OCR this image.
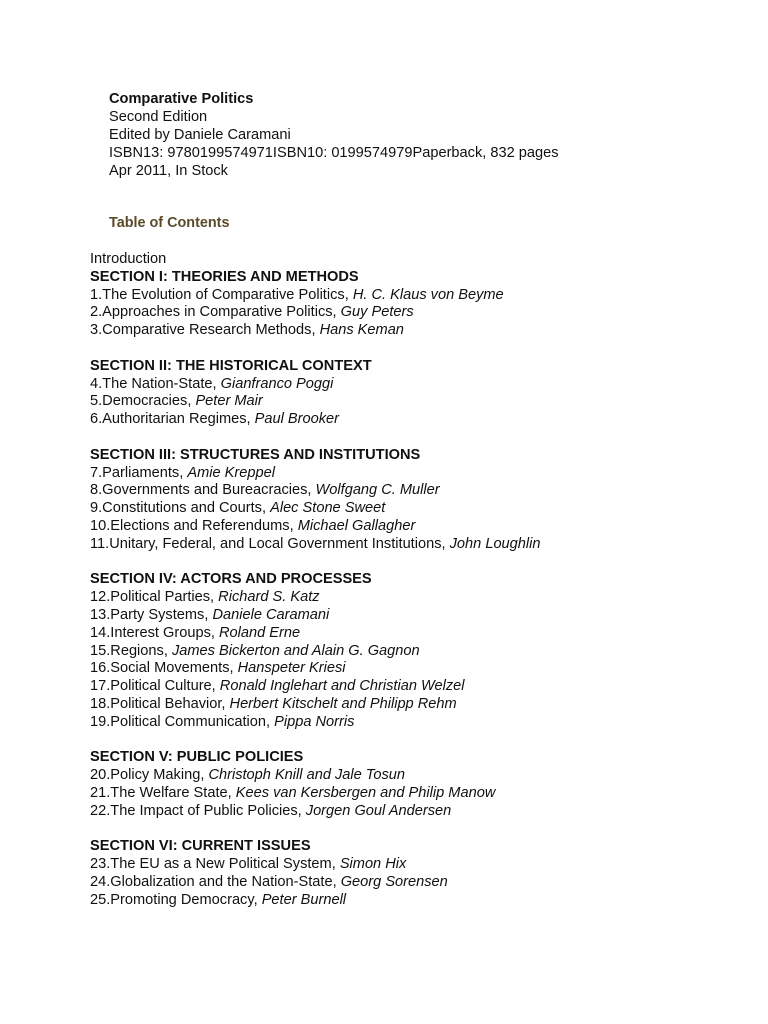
Comparative Politics
Second Edition
Edited by Daniele Caramani
ISBN13: 9780199574971ISBN10: 0199574979Paperback, 832 pages
Apr 2011, In Stock
Table of Contents
Introduction
SECTION I: THEORIES AND METHODS
1.The Evolution of Comparative Politics, H. C. Klaus von Beyme
2.Approaches in Comparative Politics, Guy Peters
3.Comparative Research Methods, Hans Keman
SECTION II: THE HISTORICAL CONTEXT
4.The Nation-State, Gianfranco Poggi
5.Democracies, Peter Mair
6.Authoritarian Regimes, Paul Brooker
SECTION III: STRUCTURES AND INSTITUTIONS
7.Parliaments, Amie Kreppel
8.Governments and Bureacracies, Wolfgang C. Muller
9.Constitutions and Courts, Alec Stone Sweet
10.Elections and Referendums, Michael Gallagher
11.Unitary, Federal, and Local Government Institutions, John Loughlin
SECTION IV: ACTORS AND PROCESSES
12.Political Parties, Richard S. Katz
13.Party Systems, Daniele Caramani
14.Interest Groups, Roland Erne
15.Regions, James Bickerton and Alain G. Gagnon
16.Social Movements, Hanspeter Kriesi
17.Political Culture, Ronald Inglehart and Christian Welzel
18.Political Behavior, Herbert Kitschelt and Philipp Rehm
19.Political Communication, Pippa Norris
SECTION V: PUBLIC POLICIES
20.Policy Making, Christoph Knill and Jale Tosun
21.The Welfare State, Kees van Kersbergen and Philip Manow
22.The Impact of Public Policies, Jorgen Goul Andersen
SECTION VI: CURRENT ISSUES
23.The EU as a New Political System, Simon Hix
24.Globalization and the Nation-State, Georg Sorensen
25.Promoting Democracy, Peter Burnell
